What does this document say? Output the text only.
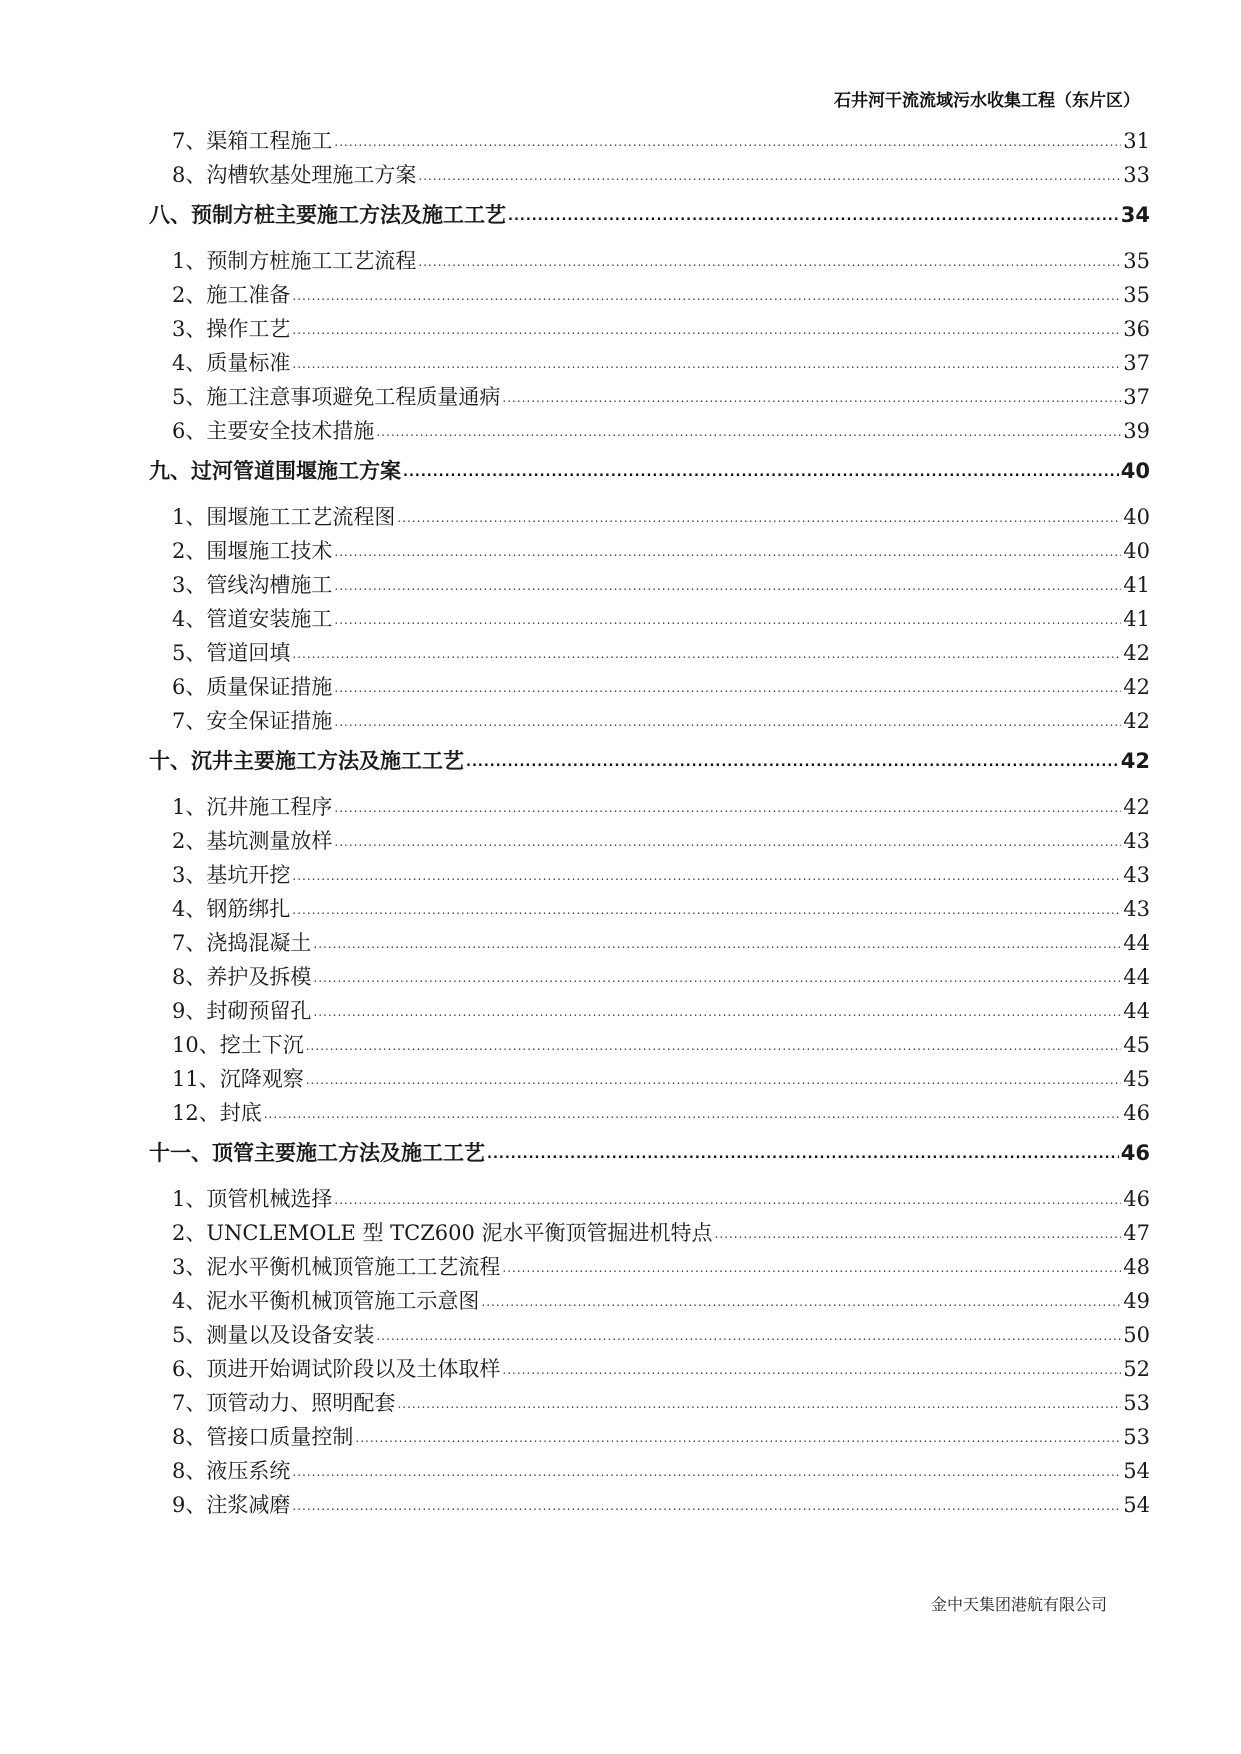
石井河干流流域污水收集工程（东片区）
7、渠箱工程施工 .....	31
8、沟槽软基处理施工方案 .....	33
八、预制方桩主要施工方法及施工工艺 .....	34
1、预制方桩施工工艺流程 .....	35
2、施工准备 .....	35
3、操作工艺 .....	36
4、质量标准 .....	37
5、施工注意事项避免工程质量通病 .....	37
6、主要安全技术措施 .....	39
九、过河管道围堰施工方案 .....	40
1、围堰施工工艺流程图 .....	40
2、围堰施工技术 .....	40
3、管线沟槽施工 .....	41
4、管道安装施工 .....	41
5、管道回填 .....	42
6、质量保证措施 .....	42
7、安全保证措施 .....	42
十、沉井主要施工方法及施工工艺 .....	42
1、沉井施工程序 .....	42
2、基坑测量放样 .....	43
3、基坑开挖 .....	43
4、钢筋绑扎 .....	43
7、浇捣混凝土 .....	44
8、养护及拆模 .....	44
9、封砌预留孔 .....	44
10、挖土下沉 .....	45
11、沉降观察 .....	45
12、封底 .....	46
十一、顶管主要施工方法及施工工艺 .....	46
1、顶管机械选择 .....	46
2、UNCLEMOLE 型 TCZ600 泥水平衡顶管掘进机特点 .....	47
3、泥水平衡机械顶管施工工艺流程 .....	48
4、泥水平衡机械顶管施工示意图 .....	49
5、测量以及设备安装 .....	50
6、顶进开始调试阶段以及土体取样 .....	52
7、顶管动力、照明配套 .....	53
8、管接口质量控制 .....	53
8、液压系统 .....	54
9、注浆减磨 .....	54
金中天集团港航有限公司
